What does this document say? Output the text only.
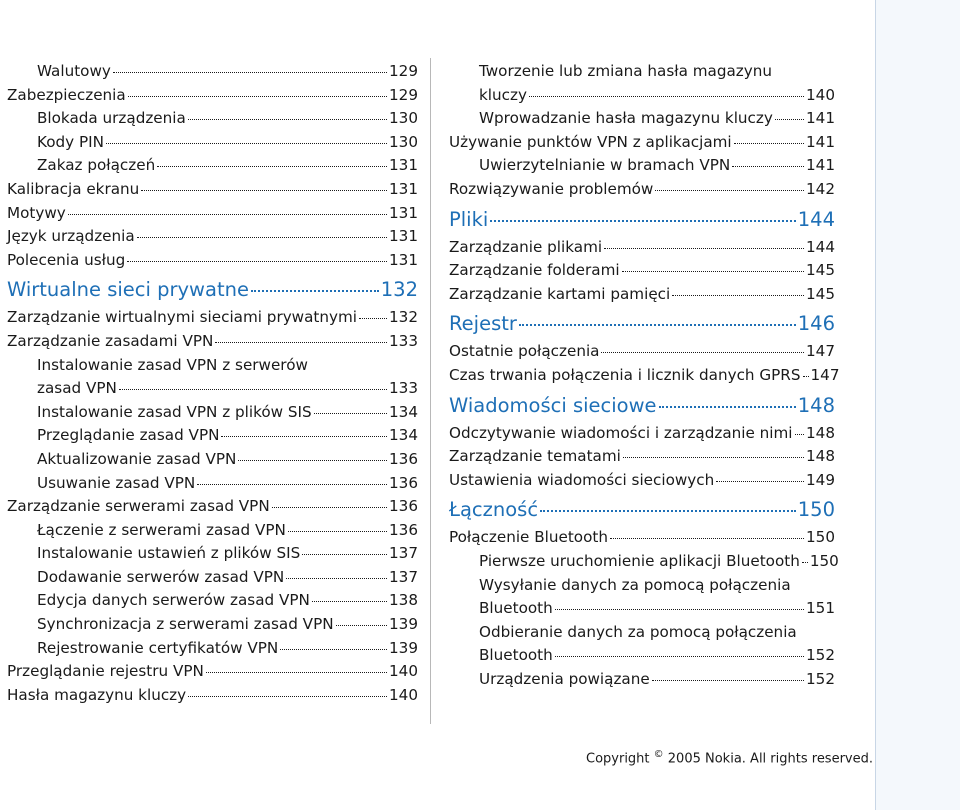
Walutowy	129
Zabezpieczenia	129
Blokada urządzenia	130
Kody PIN	130
Zakaz połączeń	131
Kalibracja ekranu	131
Motywy	131
Język urządzenia	131
Polecenia usług	131
Wirtualne sieci prywatne	132
Zarządzanie wirtualnymi sieciami prywatnymi 132
Zarządzanie zasadami VPN	133
Instalowanie zasad VPN z serwerów
zasad VPN	133
Instalowanie zasad VPN z plików SIS	134
Przeglądanie zasad VPN	134
Aktualizowanie zasad VPN	136
Usuwanie zasad VPN	136
Zarządzanie serwerami zasad VPN	136
Łączenie z serwerami zasad VPN	136
Instalowanie ustawień z plików SIS	137
Dodawanie serwerów zasad VPN	137
Edycja danych serwerów zasad VPN	138
Synchronizacja z serwerami zasad VPN	139
Rejestrowanie certyfikatów VPN	139
Przeglądanie rejestru VPN	140
Hasła magazynu kluczy	140
Tworzenie lub zmiana hasła magazynu
kluczy	140
Wprowadzanie hasła magazynu kluczy 141
Używanie punktów VPN z aplikacjami	141
Uwierzytelnianie w bramach VPN	141
Rozwiązywanie problemów	142
Pliki	144
Zarządzanie plikami	144
Zarządzanie folderami	145
Zarządzanie kartami pamięci	145
Rejestr	146
Ostatnie połączenia	147
Czas trwania połączenia i licznik danych GPRS 147
Wiadomości sieciowe	148
Odczytywanie wiadomości i zarządzanie nimi 148
Zarządzanie tematami	148
Ustawienia wiadomości sieciowych	149
Łączność	150
Połączenie Bluetooth	150
Pierwsze uruchomienie aplikacji Bluetooth 150
Wysyłanie danych za pomocą połączenia
Bluetooth	151
Odbieranie danych za pomocą połączenia
Bluetooth	152
Urządzenia powiązane	152
Copyright © 2005 Nokia. All rights reserved.
